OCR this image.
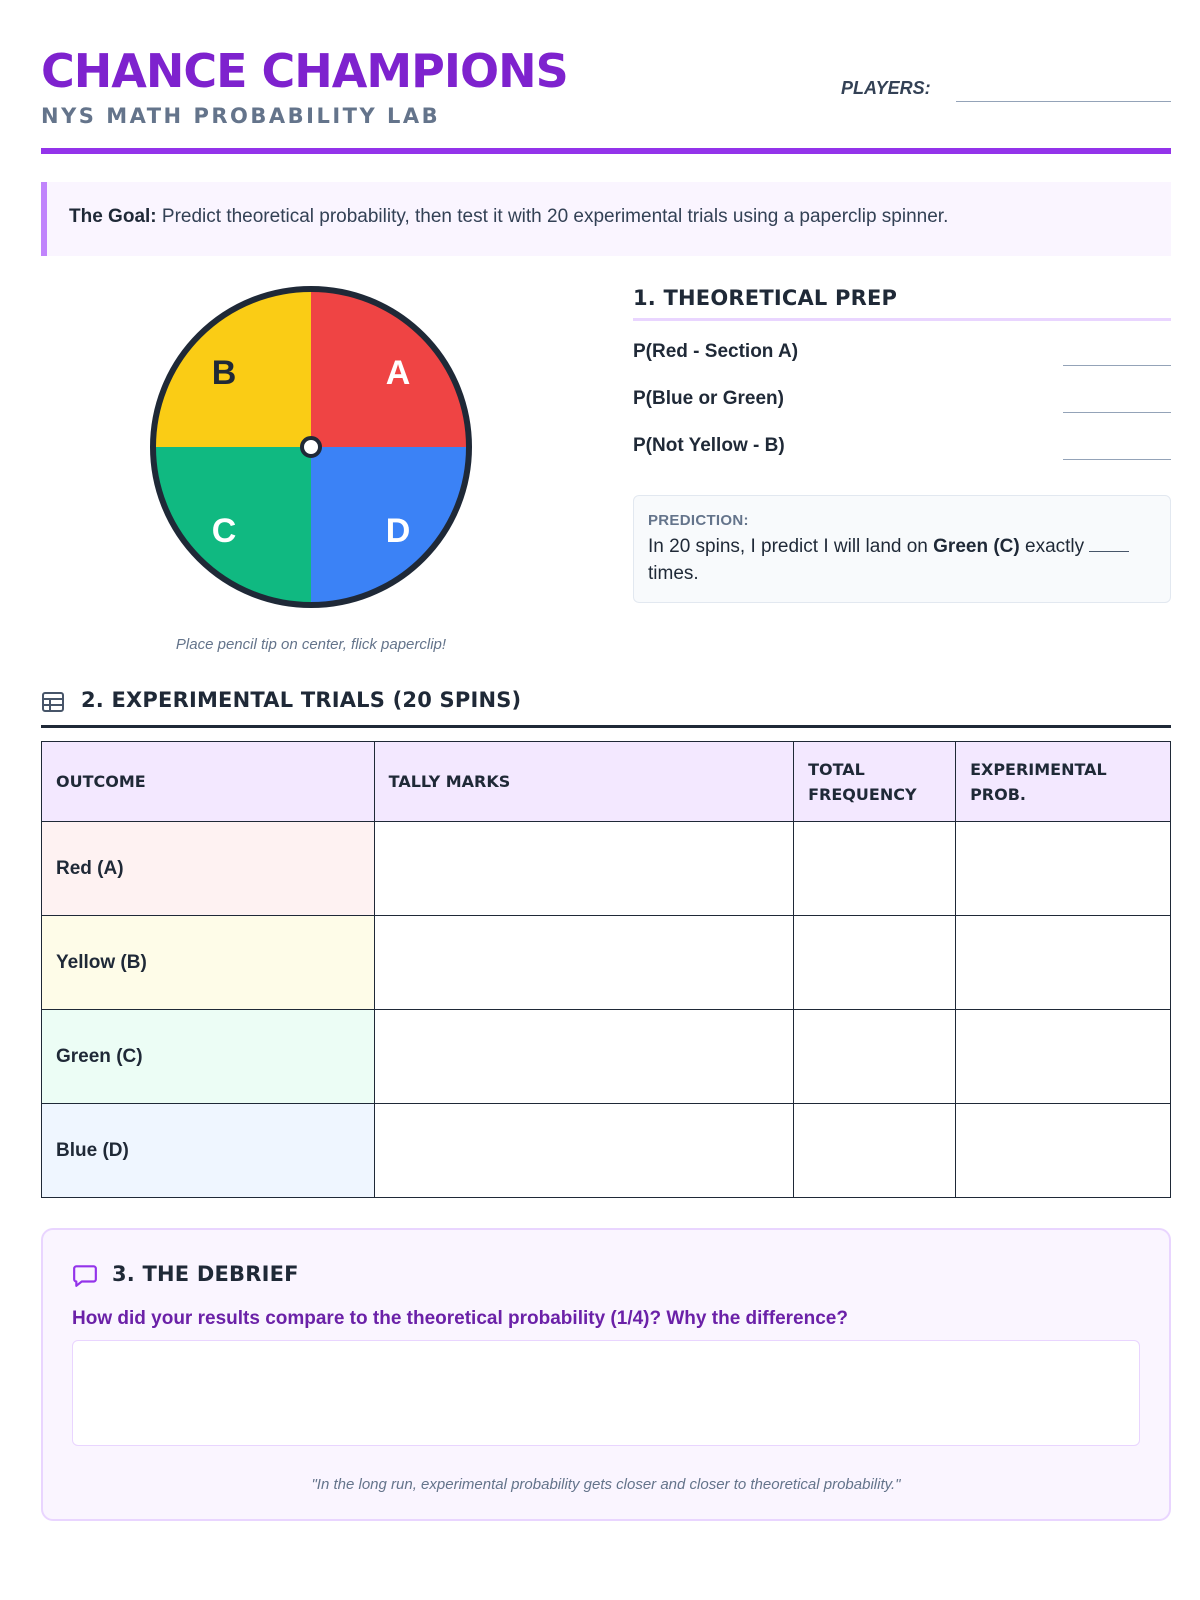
CHANCE CHAMPIONS
NYS MATH PROBABILITY LAB
PLAYERS:
The Goal: Predict theoretical probability, then test it with 20 experimental trials using a paperclip spinner.
A
B
C	D
Place pencil tip on center, flick paperclip!
1. THEORETICAL PREP
P(Red - Section A)
P(Blue or Green)
P(Not Yellow - B)
PREDICTION:
In 20 spins, I predict I will land on Green (C) exactly  times.
2. EXPERIMENTAL TRIALS (20 SPINS)
OUTCOME	TALLY MARKS	TOTAL FREQUENCY	EXPERIMENTAL PROB.
Red (A)			
Yellow (B)			
Green (C)			
Blue (D)			
3. THE DEBRIEF
How did your results compare to the theoretical probability (1/4)? Why the difference?
"In the long run, experimental probability gets closer and closer to theoretical probability."
